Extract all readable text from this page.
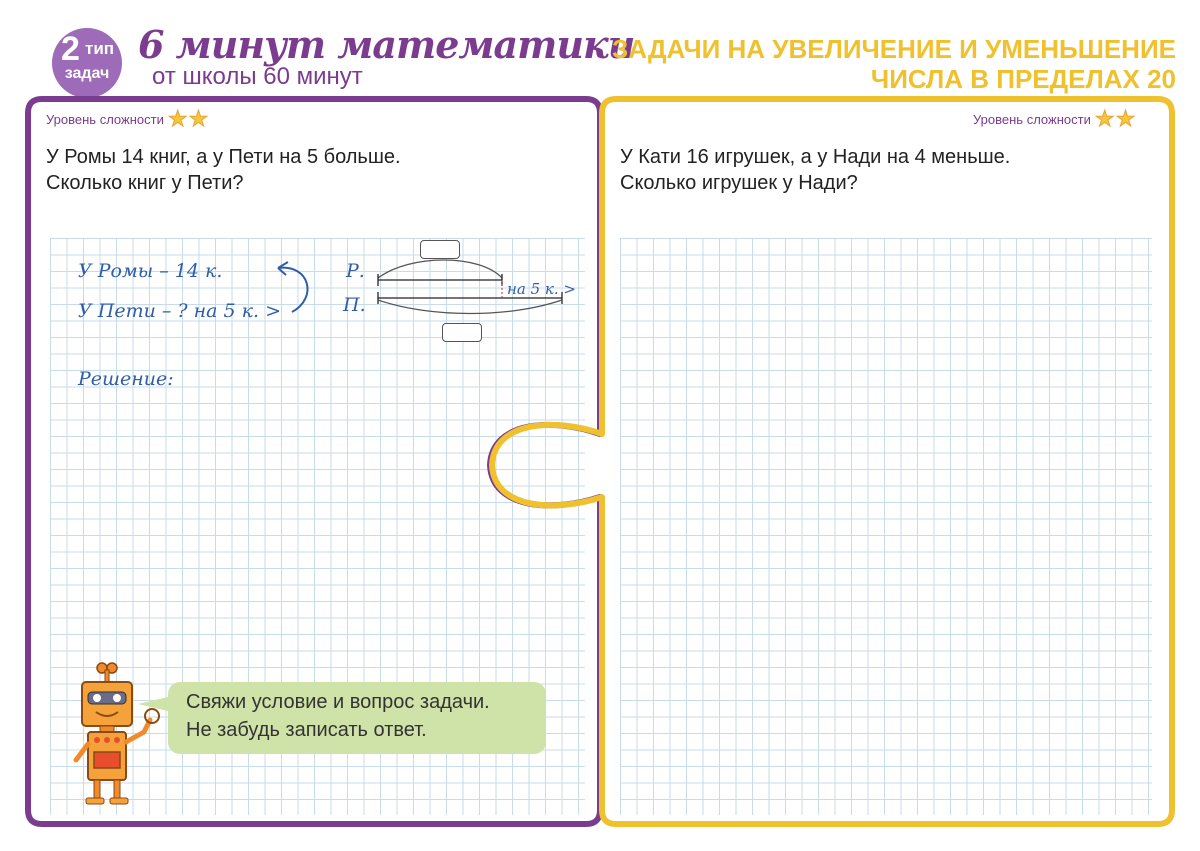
2 тип
задач
6 минут математики
от школы 60 минут
ЗАДАЧИ НА УВЕЛИЧЕНИЕ И УМЕНЬШЕНИЕ
ЧИСЛА В ПРЕДЕЛАХ 20
Уровень сложности ★ ★
У Ромы 14 книг, а у Пети на 5 больше.
Сколько книг у Пети?
У Ромы – 14 к.
У Пети – ? на 5 к. >
Р.
П.
на 5 к. >
Решение:
Свяжи условие и вопрос задачи.
Не забудь записать ответ.
Уровень сложности ★ ★
У Кати 16 игрушек, а у Нади на 4 меньше.
Сколько игрушек у Нади?
